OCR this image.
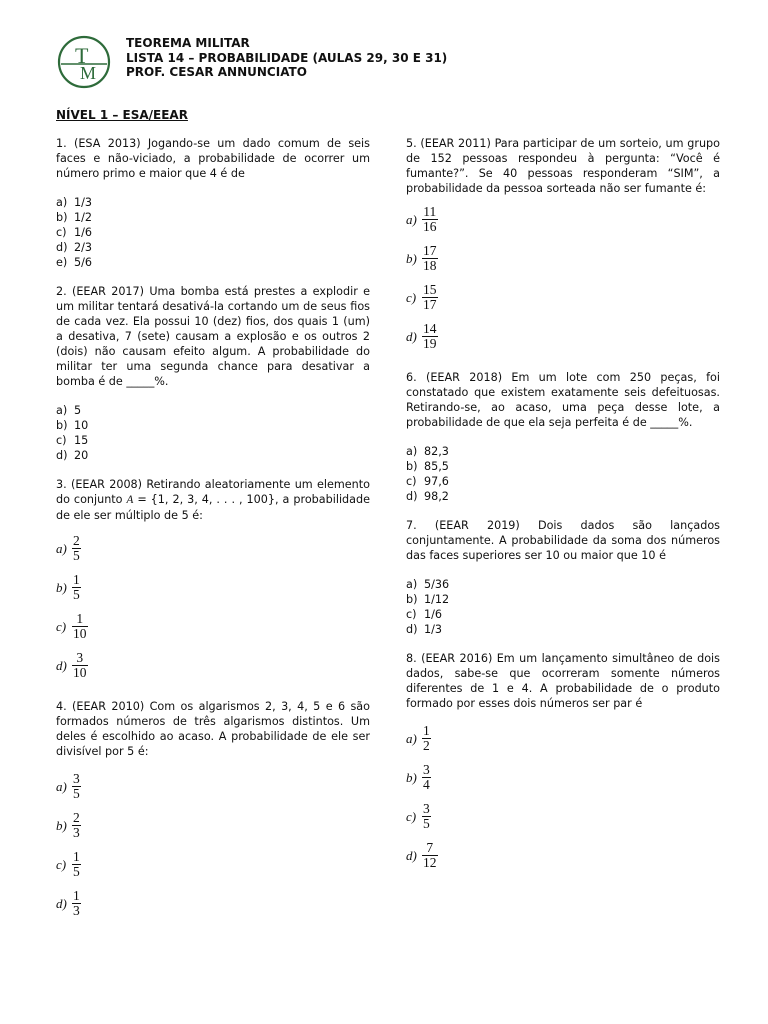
T
M
TEOREMA MILITAR
LISTA 14 – PROBABILIDADE (AULAS 29, 30 E 31)
PROF. CESAR ANNUNCIATO
NÍVEL 1 – ESA/EEAR

1. (ESA 2013) Jogando-se um dado comum de seis faces e não-viciado, a probabilidade de ocorrer um número primo e maior que 4 é de

a) 1/3
b) 1/2
c) 1/6
d) 2/3
e) 5/6

2. (EEAR 2017) Uma bomba está prestes a explodir e um militar tentará desativá-la cortando um de seus fios de cada vez. Ela possui 10 (dez) fios, dos quais 1 (um) a desativa, 7 (sete) causam a explosão e os outros 2 (dois) não causam efeito algum. A probabilidade do militar ter uma segunda chance para desativar a bomba é de _____%.

a) 5
b) 10
c) 15
d) 20

3. (EEAR 2008) Retirando aleatoriamente um elemento do conjunto A = {1, 2, 3, 4, . . . , 100}, a probabilidade de ele ser múltiplo de 5 é:

$a) \frac{2}{5}$
$b) \frac{1}{5}$
$c) \frac{1}{10}$
$d) \frac{3}{10}$

4. (EEAR 2010) Com os algarismos 2, 3, 4, 5 e 6 são formados números de três algarismos distintos. Um deles é escolhido ao acaso. A probabilidade de ele ser divisível por 5 é:

$a) \frac{3}{5}$
$b) \frac{2}{3}$
$c) \frac{1}{5}$
$d) \frac{1}{3}$

5. (EEAR 2011) Para participar de um sorteio, um grupo de 152 pessoas respondeu à pergunta: “Você é fumante?”. Se 40 pessoas responderam “SIM”, a probabilidade da pessoa sorteada não ser fumante é:

$a) \frac{11}{16}$
$b) \frac{17}{18}$
$c) \frac{15}{17}$
$d) \frac{14}{19}$

6. (EEAR 2018) Em um lote com 250 peças, foi constatado que existem exatamente seis defeituosas. Retirando-se, ao acaso, uma peça desse lote, a probabilidade de que ela seja perfeita é de _____%.

a) 82,3
b) 85,5
c) 97,6
d) 98,2

7. (EEAR 2019) Dois dados são lançados conjuntamente. A probabilidade da soma dos números das faces superiores ser 10 ou maior que 10 é

a) 5/36
b) 1/12
c) 1/6
d) 1/3

8. (EEAR 2016) Em um lançamento simultâneo de dois dados, sabe-se que ocorreram somente números diferentes de 1 e 4. A probabilidade de o produto formado por esses dois números ser par é

$a) \frac{1}{2}$
$b) \frac{3}{4}$
$c) \frac{3}{5}$
$d) \frac{7}{12}$
